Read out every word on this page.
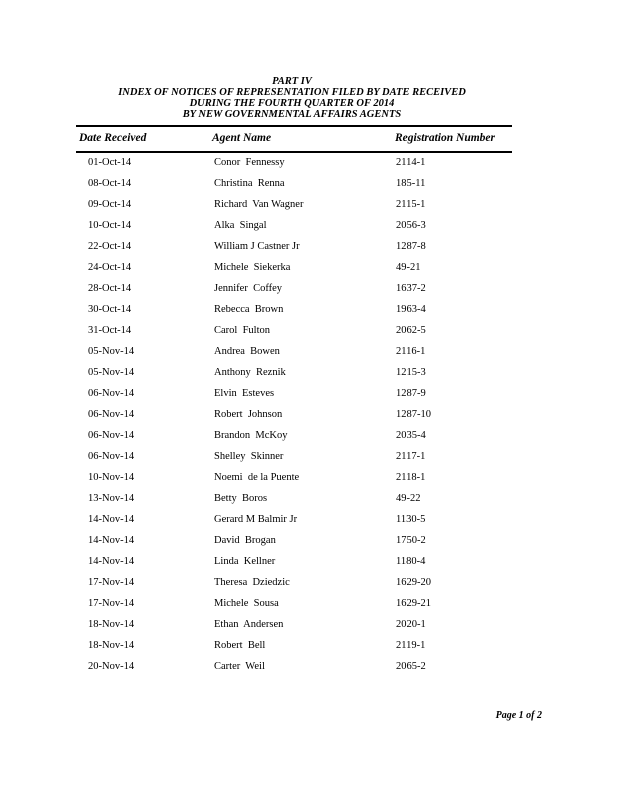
PART IV
INDEX OF NOTICES OF REPRESENTATION FILED BY DATE RECEIVED
DURING THE FOURTH QUARTER OF 2014
BY NEW GOVERNMENTAL AFFAIRS AGENTS
Date Received	Agent Name	Registration Number
01-Oct-14	Conor  Fennessy	2114-1
08-Oct-14	Christina  Renna	185-11
09-Oct-14	Richard  Van Wagner	2115-1
10-Oct-14	Alka  Singal	2056-3
22-Oct-14	William J Castner Jr	1287-8
24-Oct-14	Michele  Siekerka	49-21
28-Oct-14	Jennifer  Coffey	1637-2
30-Oct-14	Rebecca  Brown	1963-4
31-Oct-14	Carol  Fulton	2062-5
05-Nov-14	Andrea  Bowen	2116-1
05-Nov-14	Anthony  Reznik	1215-3
06-Nov-14	Elvin  Esteves	1287-9
06-Nov-14	Robert  Johnson	1287-10
06-Nov-14	Brandon  McKoy	2035-4
06-Nov-14	Shelley  Skinner	2117-1
10-Nov-14	Noemi  de la Puente	2118-1
13-Nov-14	Betty  Boros	49-22
14-Nov-14	Gerard M Balmir Jr	1130-5
14-Nov-14	David  Brogan	1750-2
14-Nov-14	Linda  Kellner	1180-4
17-Nov-14	Theresa  Dziedzic	1629-20
17-Nov-14	Michele  Sousa	1629-21
18-Nov-14	Ethan  Andersen	2020-1
18-Nov-14	Robert  Bell	2119-1
20-Nov-14	Carter  Weil	2065-2
Page 1 of 2
